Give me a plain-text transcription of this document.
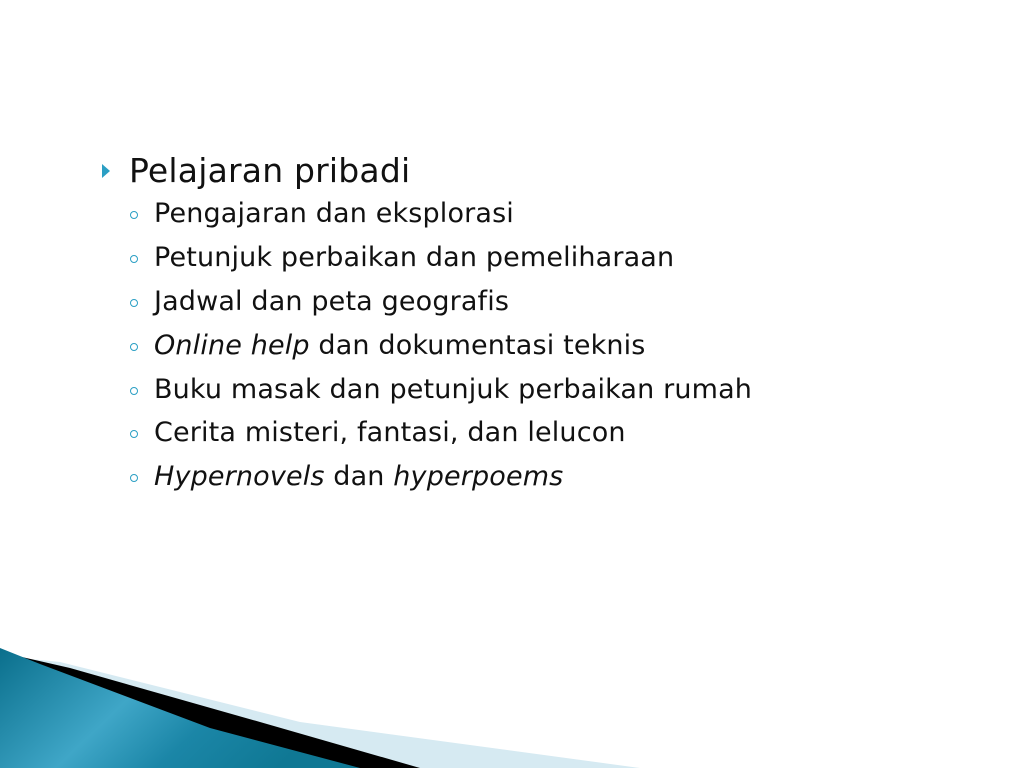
Pelajaran pribadi
Pengajaran dan eksplorasi
Petunjuk perbaikan dan pemeliharaan
Jadwal dan peta geografis
Online help dan dokumentasi teknis
Buku masak dan petunjuk perbaikan rumah
Cerita misteri, fantasi, dan lelucon
Hypernovels dan hyperpoems
